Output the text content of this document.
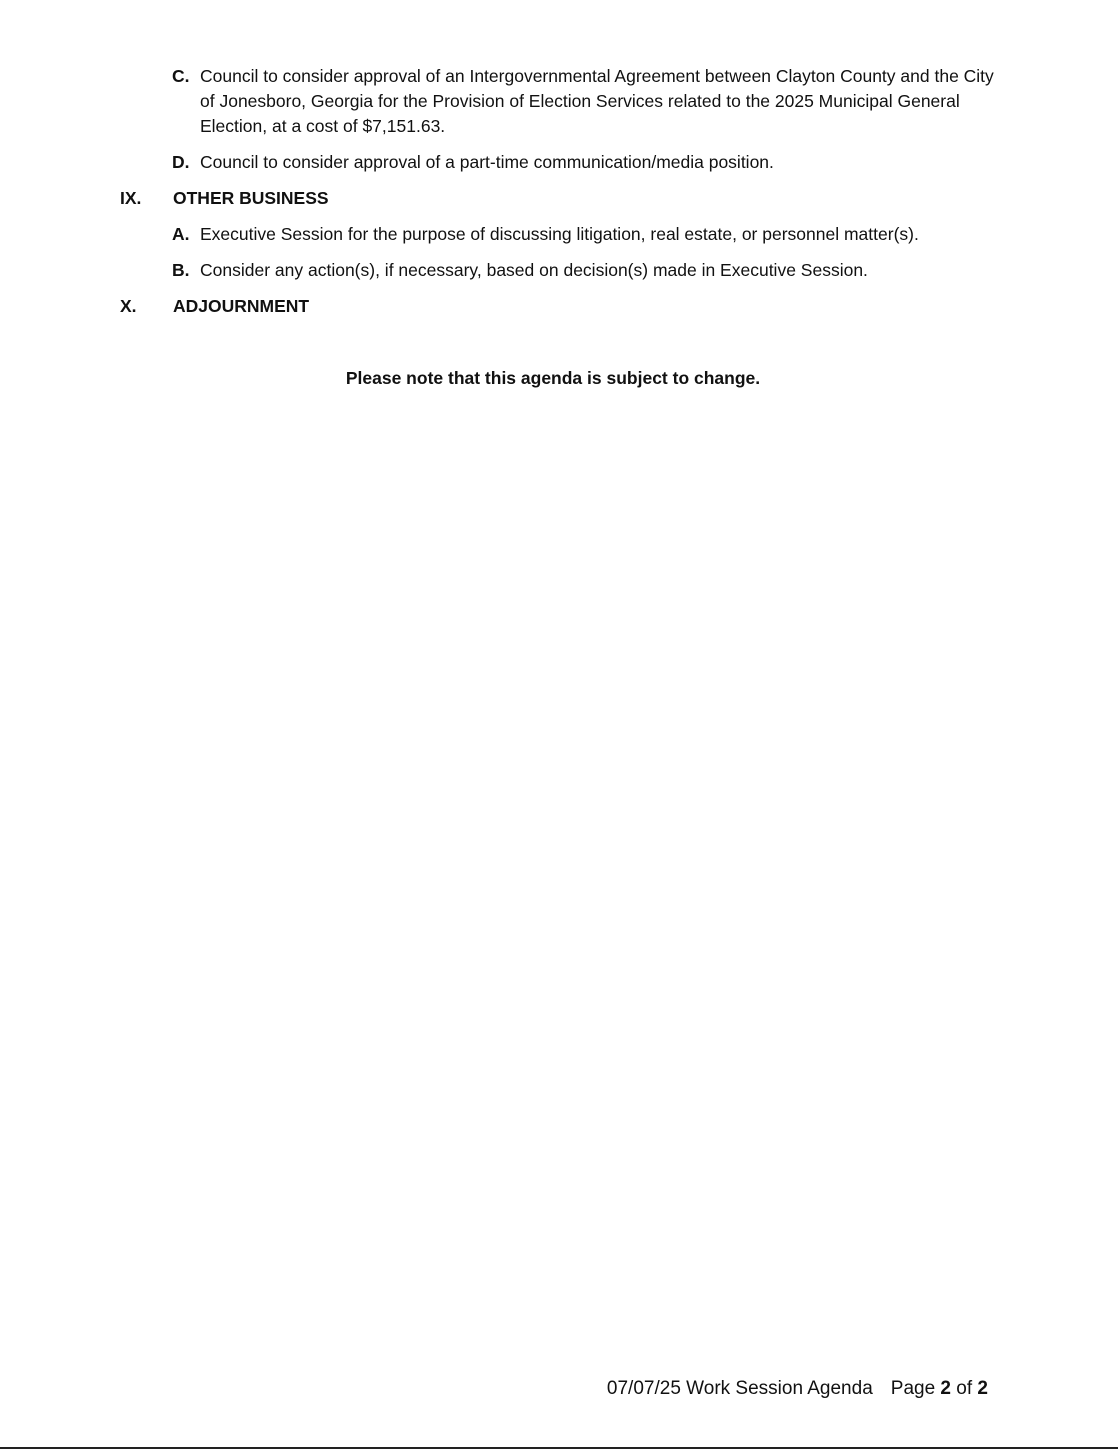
C. Council to consider approval of an Intergovernmental Agreement between Clayton County and the City of Jonesboro, Georgia for the Provision of Election Services related to the 2025 Municipal General Election, at a cost of $7,151.63.
D. Council to consider approval of a part-time communication/media position.
IX. OTHER BUSINESS
A. Executive Session for the purpose of discussing litigation, real estate, or personnel matter(s).
B. Consider any action(s), if necessary, based on decision(s) made in Executive Session.
X. ADJOURNMENT
Please note that this agenda is subject to change.
07/07/25 Work Session Agenda Page 2 of 2
